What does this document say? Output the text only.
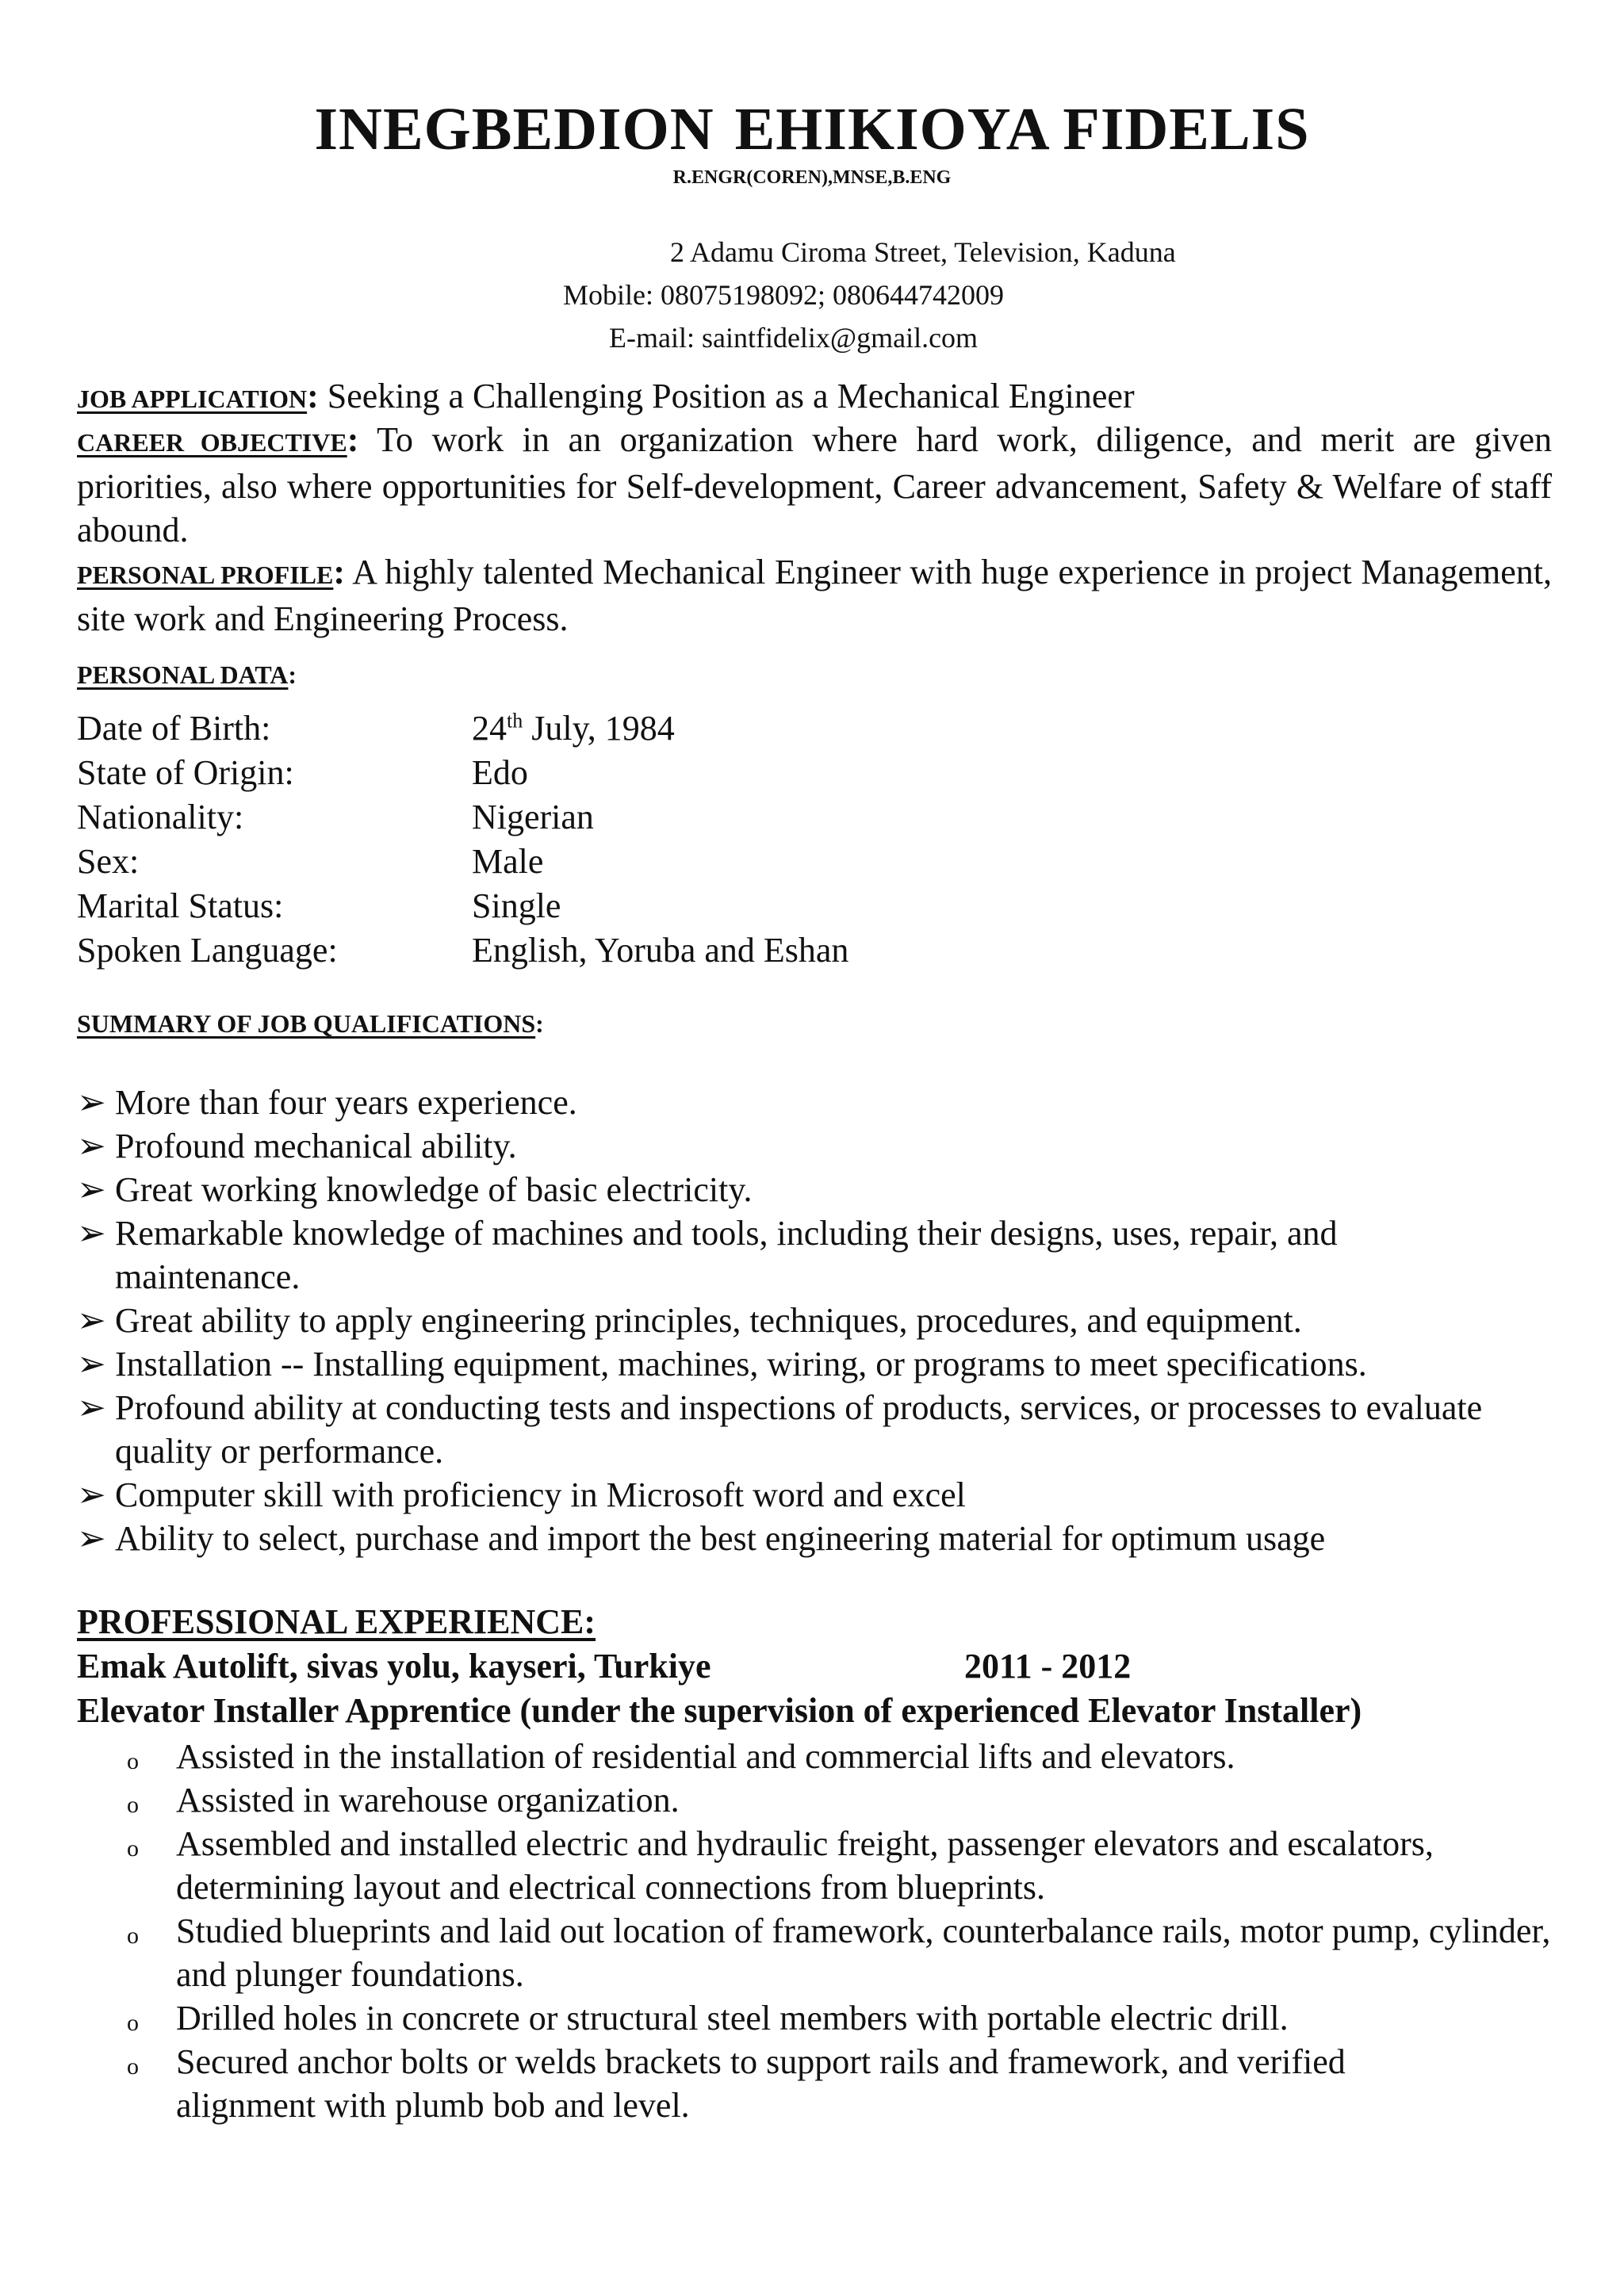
INEGBEDION EHIKIOYA FIDELIS
R.ENGR(COREN),MNSE,B.ENG
2 Adamu Ciroma Street, Television, Kaduna
Mobile: 08075198092; 080644742009
E-mail: saintfidelix@gmail.com
JOB APPLICATION: Seeking a Challenging Position as a Mechanical Engineer
CAREER OBJECTIVE: To work in an organization where hard work, diligence, and merit are given priorities, also where opportunities for Self-development, Career advancement, Safety & Welfare of staff abound.
PERSONAL PROFILE: A highly talented Mechanical Engineer with huge experience in project Management, site work and Engineering Process.
PERSONAL DATA:
Date of Birth:	24th July, 1984
State of Origin:	Edo
Nationality:	Nigerian
Sex:	Male
Marital Status:	Single
Spoken Language:	English, Yoruba and Eshan
SUMMARY OF JOB QUALIFICATIONS:
➢ More than four years experience.
➢ Profound mechanical ability.
➢ Great working knowledge of basic electricity.
➢ Remarkable knowledge of machines and tools, including their designs, uses, repair, and maintenance.
➢ Great ability to apply engineering principles, techniques, procedures, and equipment.
➢ Installation -- Installing equipment, machines, wiring, or programs to meet specifications.
➢ Profound ability at conducting tests and inspections of products, services, or processes to evaluate quality or performance.
➢ Computer skill with proficiency in Microsoft word and excel
➢ Ability to select, purchase and import the best engineering material for optimum usage
PROFESSIONAL EXPERIENCE:
Emak Autolift, sivas yolu, kayseri, Turkiye	2011 - 2012
Elevator Installer Apprentice (under the supervision of experienced Elevator Installer)
o Assisted in the installation of residential and commercial lifts and elevators.
o Assisted in warehouse organization.
o Assembled and installed electric and hydraulic freight, passenger elevators and escalators, determining layout and electrical connections from blueprints.
o Studied blueprints and laid out location of framework, counterbalance rails, motor pump, cylinder, and plunger foundations.
o Drilled holes in concrete or structural steel members with portable electric drill.
o Secured anchor bolts or welds brackets to support rails and framework, and verified alignment with plumb bob and level.
